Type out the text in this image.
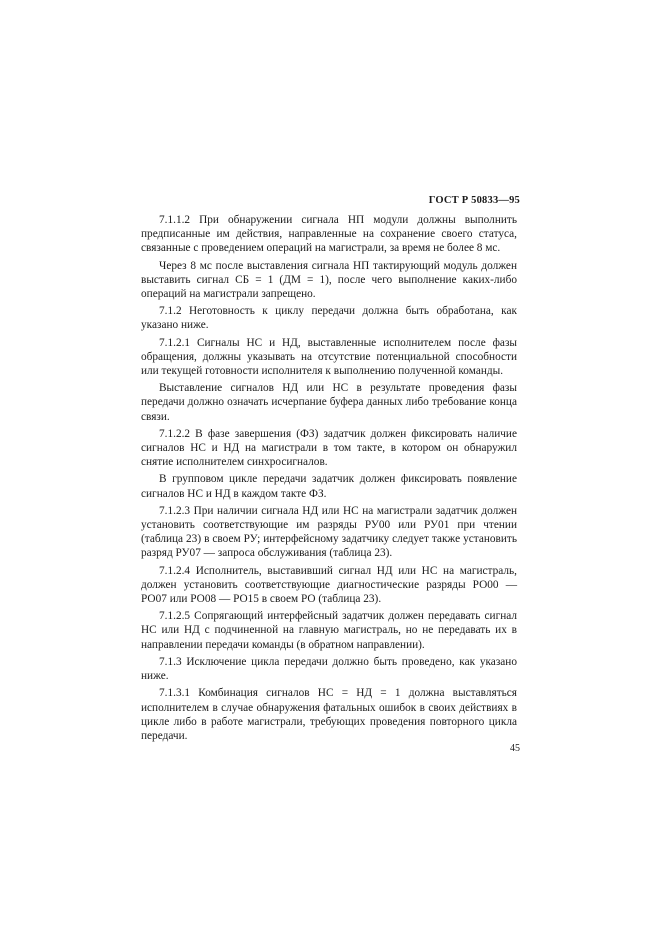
ГОСТ Р 50833—95

7.1.1.2 При обнаружении сигнала НП модули должны выполнить предписанные им действия, направленные на сохранение своего статуса, связанные с проведением операций на магистрали, за время не более 8 мс.

Через 8 мс после выставления сигнала НП тактирующий модуль должен выставить сигнал СБ = 1 (ДМ = 1), после чего выполнение каких-либо операций на магистрали запрещено.

7.1.2 Неготовность к циклу передачи должна быть обработана, как указано ниже.

7.1.2.1 Сигналы НС и НД, выставленные исполнителем после фазы обращения, должны указывать на отсутствие потенциальной способности или текущей готовности исполнителя к выполнению полученной команды.

Выставление сигналов НД или НС в результате проведения фазы передачи должно означать исчерпание буфера данных либо требование конца связи.

7.1.2.2 В фазе завершения (ФЗ) задатчик должен фиксировать наличие сигналов НС и НД на магистрали в том такте, в котором он обнаружил снятие исполнителем синхросигналов.

В групповом цикле передачи задатчик должен фиксировать появление сигналов НС и НД в каждом такте ФЗ.

7.1.2.3 При наличии сигнала НД или НС на магистрали задатчик должен установить соответствующие им разряды РУ00 или РУ01 при чтении (таблица 23) в своем РУ; интерфейсному задатчику следует также установить разряд РУ07 — запроса обслуживания (таблица 23).

7.1.2.4 Исполнитель, выставивший сигнал НД или НС на магистраль, должен установить соответствующие диагностические разряды РО00 — РО07 или РО08 — РО15 в своем РО (таблица 23).

7.1.2.5 Сопрягающий интерфейсный задатчик должен передавать сигнал НС или НД с подчиненной на главную магистраль, но не передавать их в направлении передачи команды (в обратном направлении).

7.1.3 Исключение цикла передачи должно быть проведено, как указано ниже.

7.1.3.1 Комбинация сигналов НС = НД = 1 должна выставляться исполнителем в случае обнаружения фатальных ошибок в своих действиях в цикле либо в работе магистрали, требующих проведения повторного цикла передачи.

45
